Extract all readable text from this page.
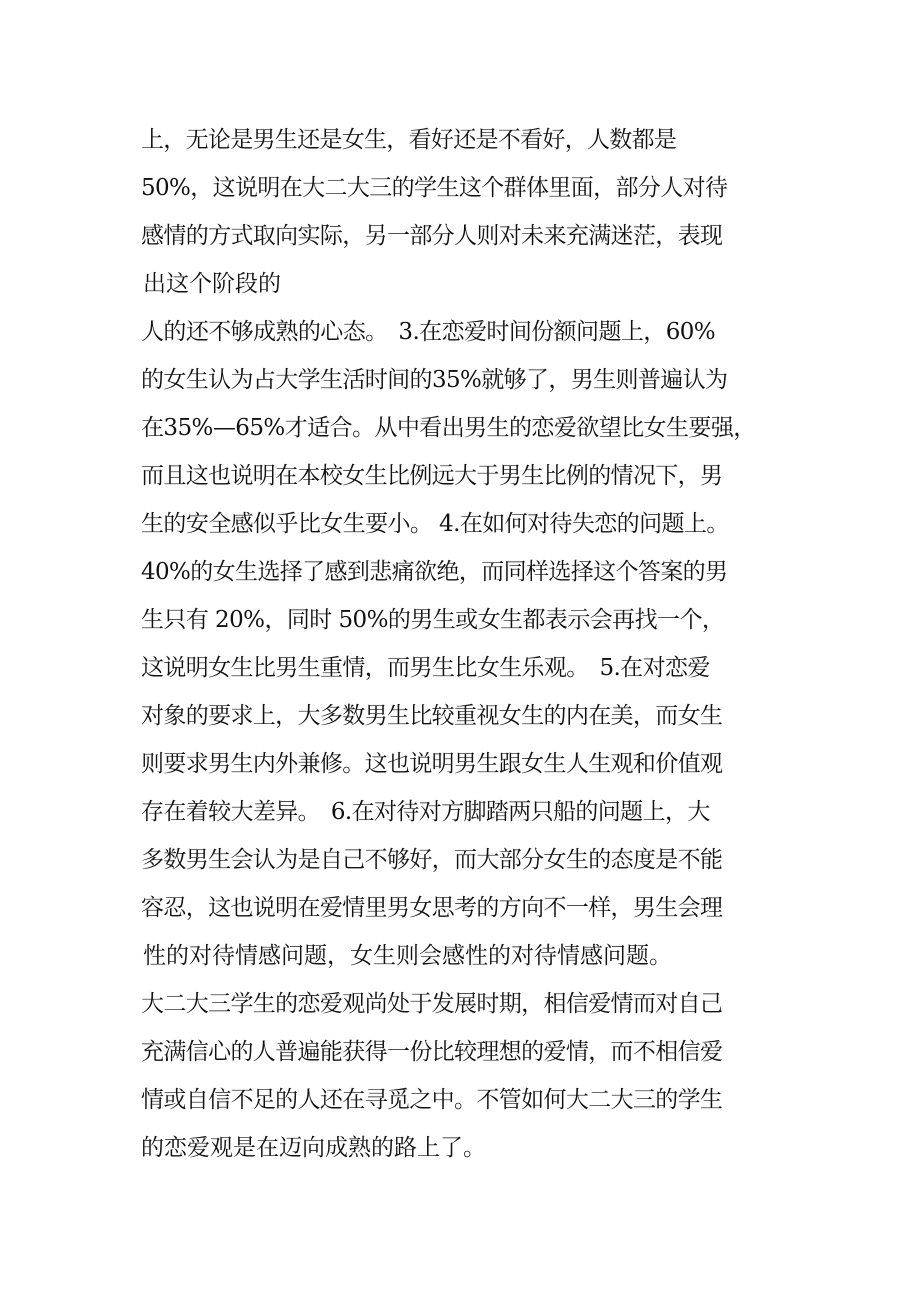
上，无论是男生还是女生，看好还是不看好，人数都是
50%，这说明在大二大三的学生这个群体里面，部分人对待
感情的方式取向实际，另一部分人则对未来充满迷茫，表现
出这个阶段的
人的还不够成熟的心态。　3.在恋爱时间份额问题上，60%
的女生认为占大学生活时间的35%就够了，男生则普遍认为
在35%—65%才适合。从中看出男生的恋爱欲望比女生要强，
而且这也说明在本校女生比例远大于男生比例的情况下，男
生的安全感似乎比女生要小。 4.在如何对待失恋的问题上。
40%的女生选择了感到悲痛欲绝，而同样选择这个答案的男
生只有 20%，同时 50%的男生或女生都表示会再找一个，
这说明女生比男生重情，而男生比女生乐观。　5.在对恋爱
对象的要求上，大多数男生比较重视女生的内在美，而女生
则要求男生内外兼修。这也说明男生跟女生人生观和价值观
存在着较大差异。　6.在对待对方脚踏两只船的问题上，大
多数男生会认为是自己不够好，而大部分女生的态度是不能
容忍，这也说明在爱情里男女思考的方向不一样，男生会理
性的对待情感问题，女生则会感性的对待情感问题。
大二大三学生的恋爱观尚处于发展时期，相信爱情而对自己
充满信心的人普遍能获得一份比较理想的爱情，而不相信爱
情或自信不足的人还在寻觅之中。不管如何大二大三的学生
的恋爱观是在迈向成熟的路上了。
